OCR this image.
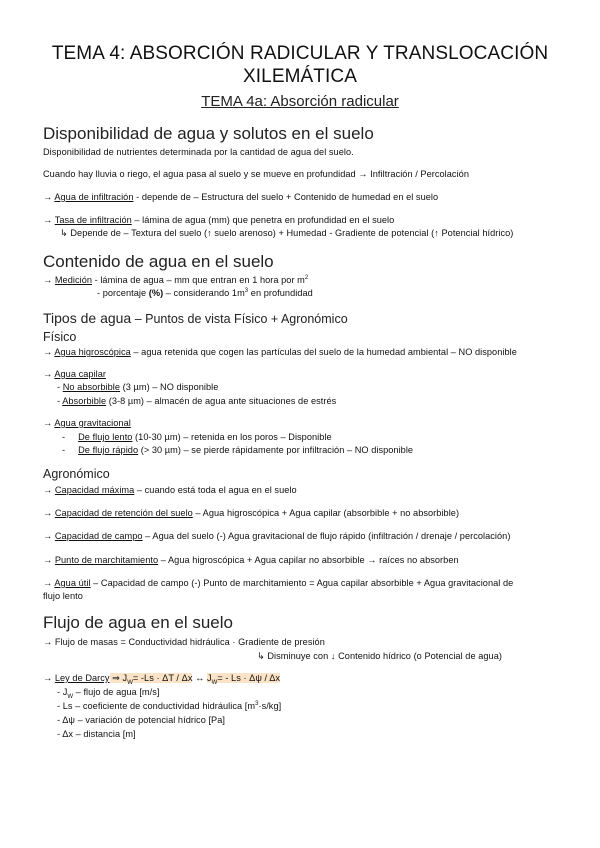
TEMA 4: ABSORCIÓN RADICULAR Y TRANSLOCACIÓN
XILEMÁTICA
TEMA 4a: Absorción radicular
Disponibilidad de agua y solutos en el suelo
Disponibilidad de nutrientes determinada por la cantidad de agua del suelo.
Cuando hay lluvia o riego, el agua pasa al suelo y se mueve en profundidad → Infiltración / Percolación
→ Agua de infiltración - depende de – Estructura del suelo + Contenido de humedad en el suelo
→ Tasa de infiltración – lámina de agua (mm) que penetra en profundidad en el suelo
↳ Depende de – Textura del suelo (↑ suelo arenoso) + Humedad - Gradiente de potencial (↑ Potencial hídrico)
Contenido de agua en el suelo
→ Medición - lámina de agua – mm que entran en 1 hora por $m^2$
- porcentaje (%) – considerando $1m^3$ en profundidad
Tipos de agua – Puntos de vista Físico + Agronómico
Físico
→ Agua higroscópica – agua retenida que cogen las partículas del suelo de la humedad ambiental – NO disponible
→ Agua capilar
- No absorbible (3 µm) – NO disponible
- Absorbible (3-8 µm) – almacén de agua ante situaciones de estrés
→ Agua gravitacional
-     De flujo lento (10-30 µm) – retenida en los poros – Disponible
-     De flujo rápido (> 30 µm) – se pierde rápidamente por infiltración – NO disponible
Agronómico
→ Capacidad máxima – cuando está toda el agua en el suelo
→ Capacidad de retención del suelo – Agua higroscópica + Agua capilar (absorbible + no absorbible)
→ Capacidad de campo – Agua del suelo (-) Agua gravitacional de flujo rápido (infiltración / drenaje / percolación)
→ Punto de marchitamiento – Agua higroscópica + Agua capilar no absorbible → raíces no absorben
→ Agua útil – Capacidad de campo (-) Punto de marchitamiento = Agua capilar absorbible + Agua gravitacional de
flujo lento
Flujo de agua en el suelo
→ Flujo de masas = Conductividad hidráulica · Gradiente de presión
↳ Disminuye con ↓ Contenido hídrico (o Potencial de agua)
→ Ley de Darcy ⇒ $J_W= -Ls \cdot \Delta T / \Delta x$ ↔ $J_W= - Ls \cdot \Delta\psi / \Delta x$
- $J_W$ – flujo de agua [m/s]
- Ls – coeficiente de conductividad hidráulica $[m^3\cdot s/kg]$
- Δψ – variación de potencial hídrico [Pa]
- Δx – distancia [m]
